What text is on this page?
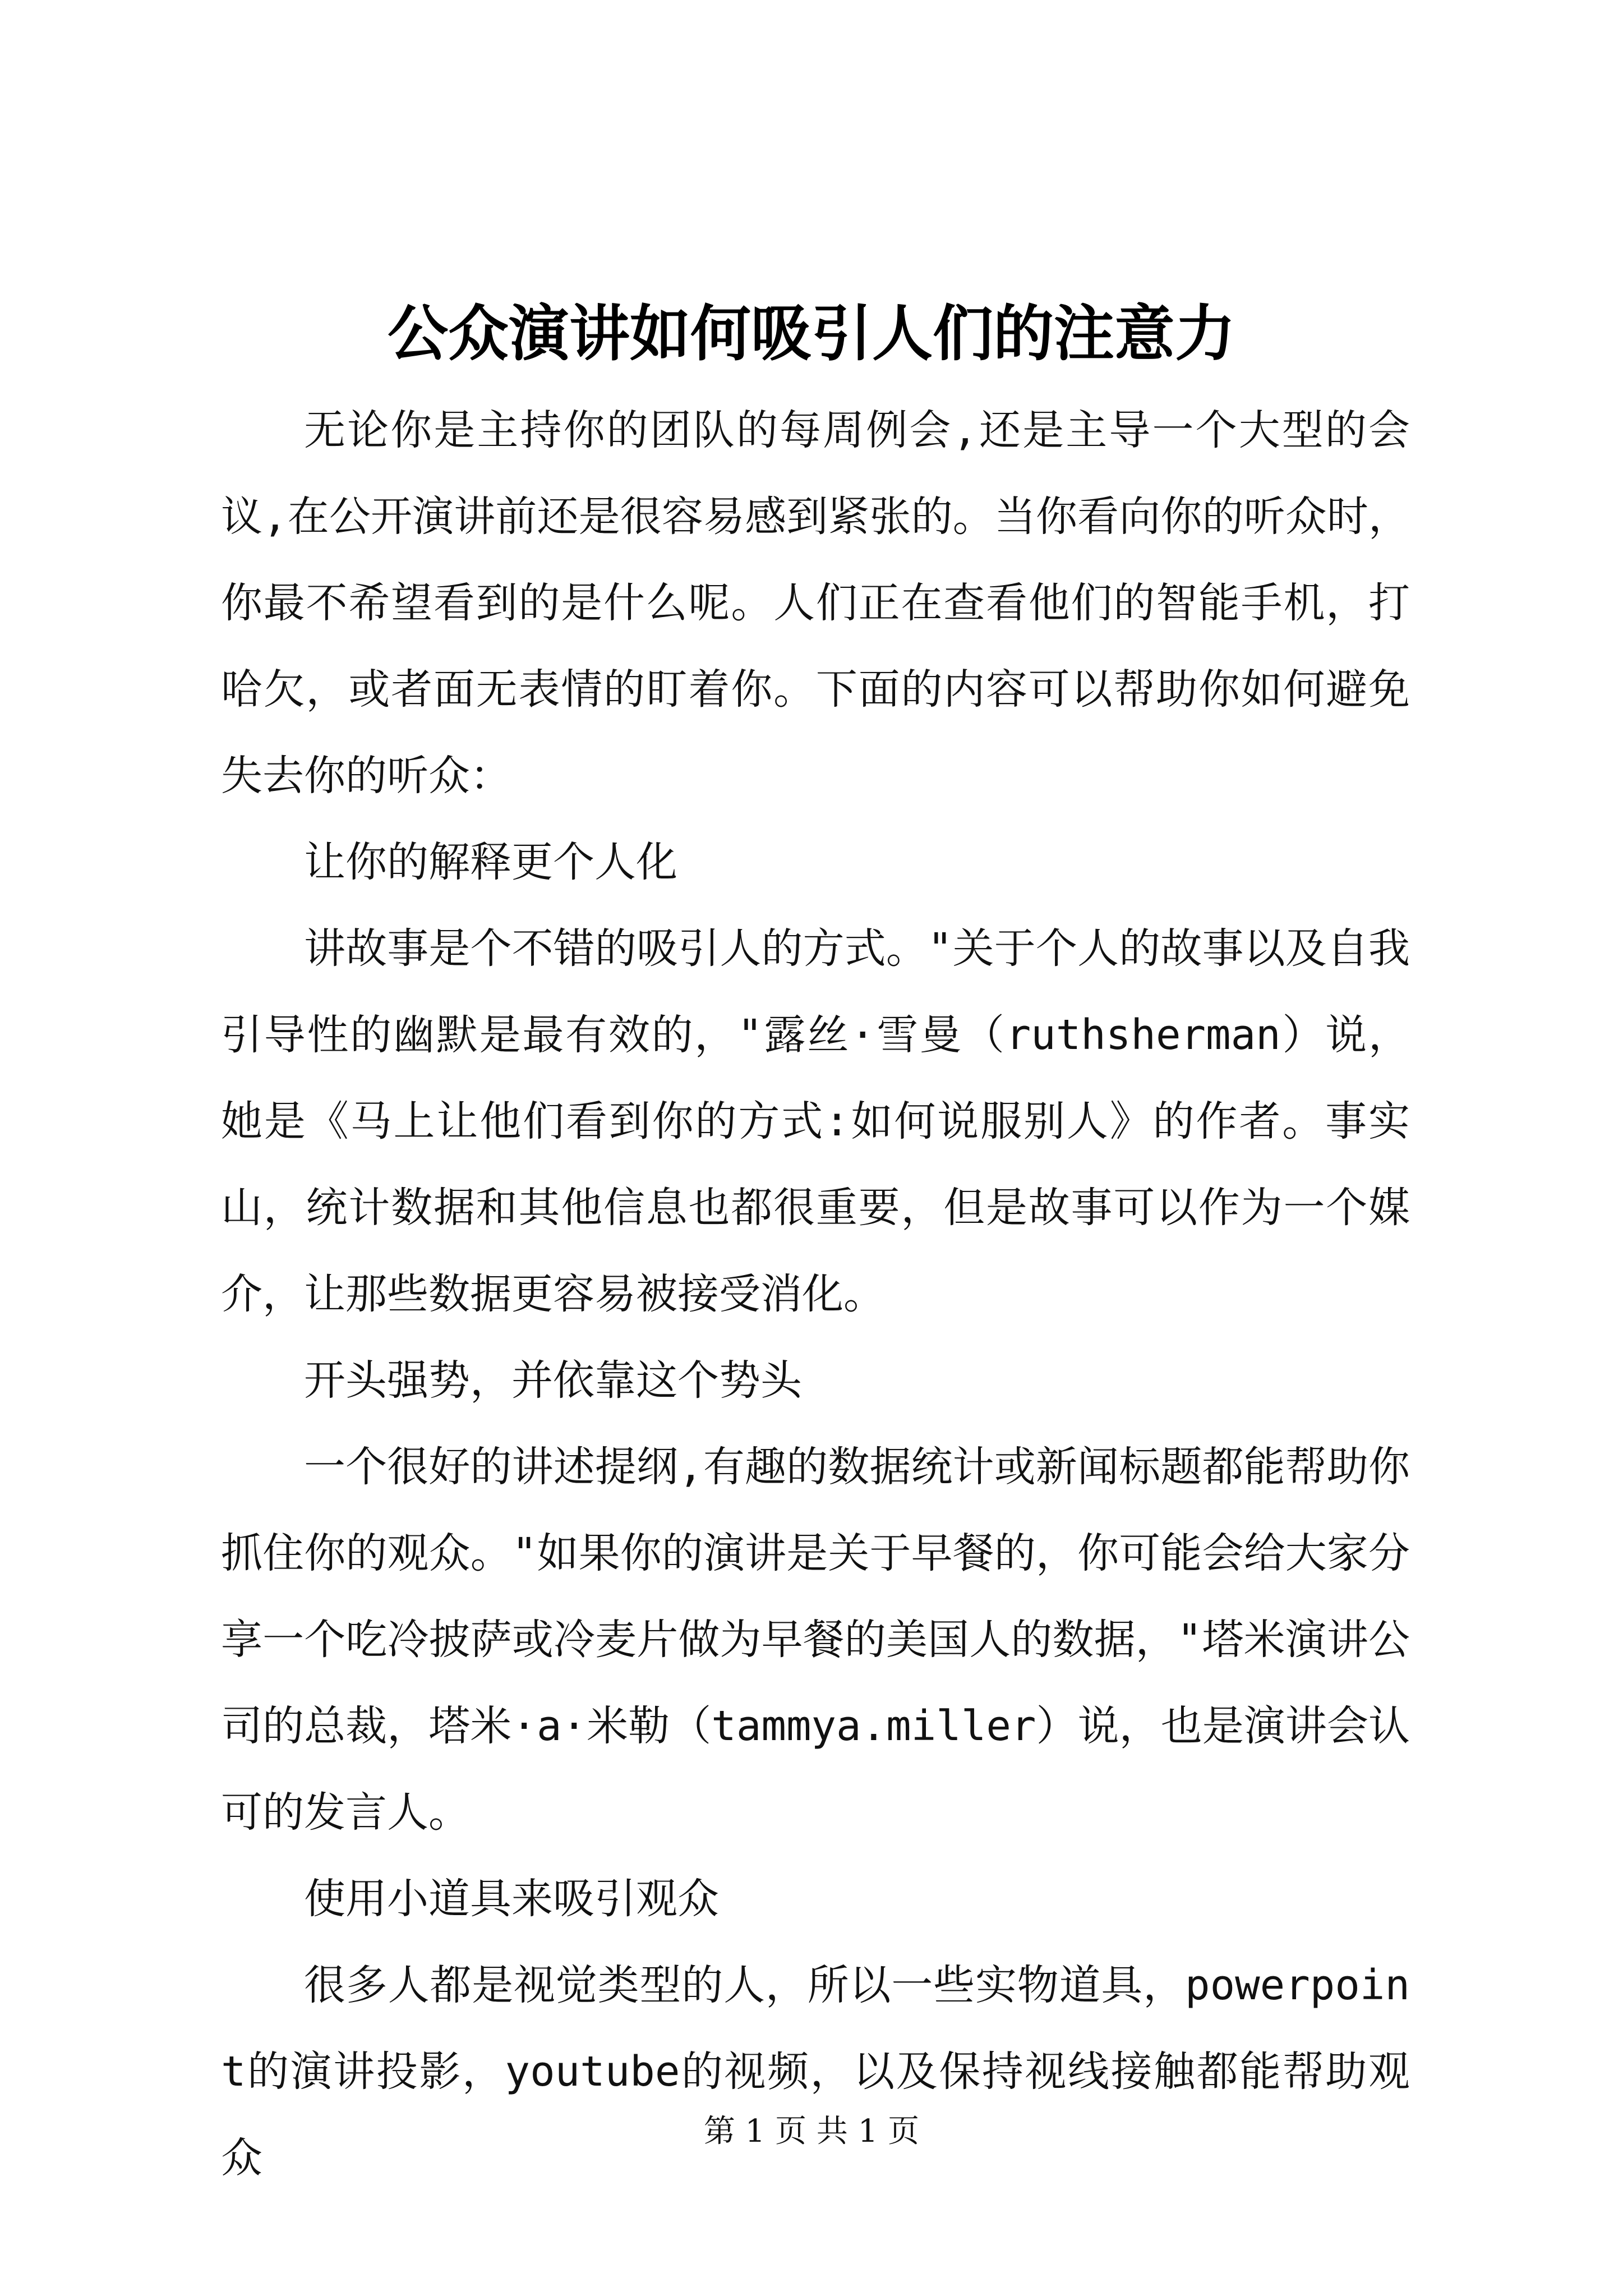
公众演讲如何吸引人们的注意力

无论你是主持你的团队的每周例会,还是主导一个大型的会议,在公开演讲前还是很容易感到紧张的。当你看向你的听众时，你最不希望看到的是什么呢。人们正在查看他们的智能手机，打哈欠，或者面无表情的盯着你。下面的内容可以帮助你如何避免失去你的听众：

让你的解释更个人化

讲故事是个不错的吸引人的方式。"关于个人的故事以及自我引导性的幽默是最有效的，"露丝·雪曼（ruthsherman）说，她是《马上让他们看到你的方式:如何说服别人》的作者。事实山，统计数据和其他信息也都很重要，但是故事可以作为一个媒介，让那些数据更容易被接受消化。

开头强势，并依靠这个势头

一个很好的讲述提纲,有趣的数据统计或新闻标题都能帮助你抓住你的观众。"如果你的演讲是关于早餐的，你可能会给大家分享一个吃冷披萨或冷麦片做为早餐的美国人的数据，"塔米演讲公司的总裁，塔米·a·米勒（tammya.miller）说，也是演讲会认可的发言人。

使用小道具来吸引观众

很多人都是视觉类型的人，所以一些实物道具，powerpoint的演讲投影，youtube的视频，以及保持视线接触都能帮助观众

第 1 页 共 1 页
